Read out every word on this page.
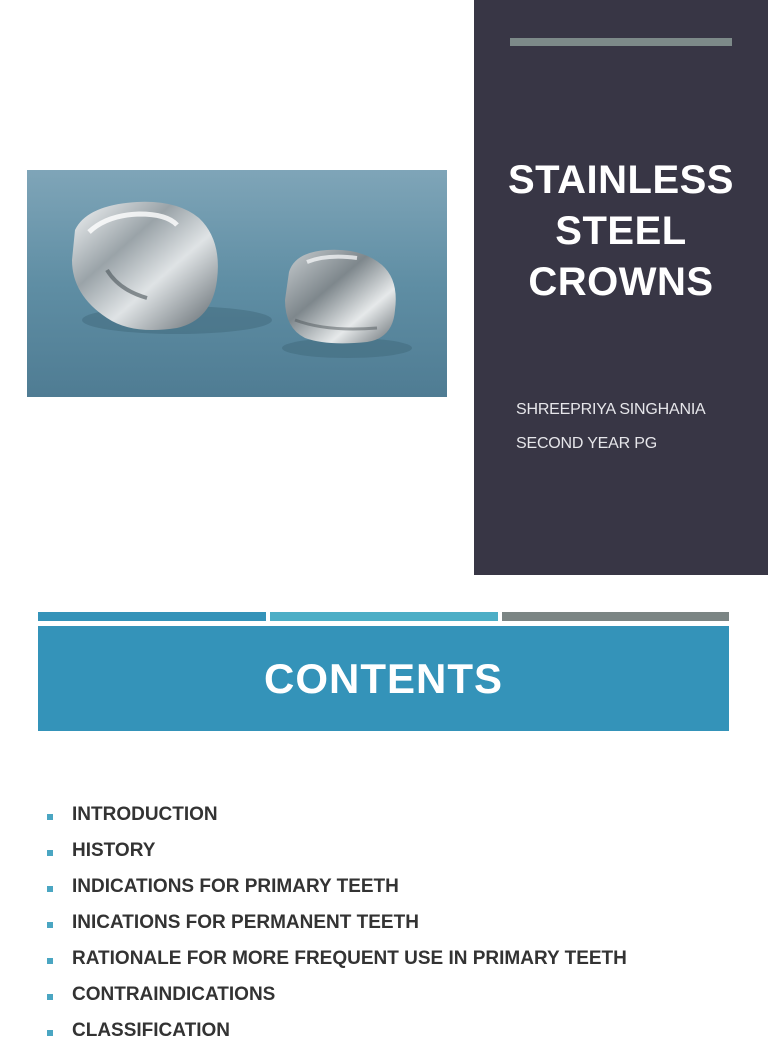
STAINLESS
STEEL
CROWNS
SHREEPRIYA SINGHANIA
SECOND YEAR PG
CONTENTS
INTRODUCTION
HISTORY
INDICATIONS FOR PRIMARY TEETH
INICATIONS FOR PERMANENT TEETH
RATIONALE FOR MORE FREQUENT USE IN PRIMARY TEETH
CONTRAINDICATIONS
CLASSIFICATION
